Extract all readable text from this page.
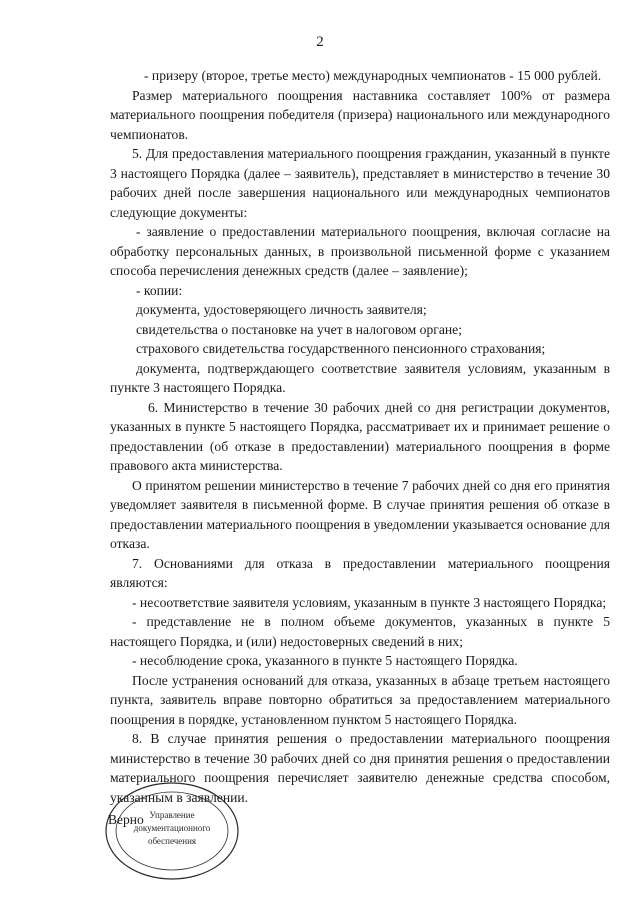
2

- призеру (второе, третье место) международных чемпионатов - 15 000 рублей.

Размер материального поощрения наставника составляет 100% от размера материального поощрения победителя (призера) национального или международного чемпионатов.

5. Для предоставления материального поощрения гражданин, указанный в пункте 3 настоящего Порядка (далее – заявитель), представляет в министерство в течение 30 рабочих дней после завершения национального или международных чемпионатов следующие документы:

- заявление о предоставлении материального поощрения, включая согласие на обработку персональных данных, в произвольной письменной форме с указанием способа перечисления денежных средств (далее – заявление);

- копии:

документа, удостоверяющего личность заявителя;

свидетельства о постановке на учет в налоговом органе;

страхового свидетельства государственного пенсионного страхования;

документа, подтверждающего соответствие заявителя условиям, указанным в пункте 3 настоящего Порядка.

6. Министерство в течение 30 рабочих дней со дня регистрации документов, указанных в пункте 5 настоящего Порядка, рассматривает их и принимает решение о предоставлении (об отказе в предоставлении) материального поощрения в форме правового акта министерства.

О принятом решении министерство в течение 7 рабочих дней со дня его принятия уведомляет заявителя в письменной форме. В случае принятия решения об отказе в предоставлении материального поощрения в уведомлении указывается основание для отказа.

7. Основаниями для отказа в предоставлении материального поощрения являются:

- несоответствие заявителя условиям, указанным в пункте 3 настоящего Порядка;

- представление не в полном объеме документов, указанных в пункте 5 настоящего Порядка, и (или) недостоверных сведений в них;

- несоблюдение срока, указанного в пункте 5 настоящего Порядка.

После устранения оснований для отказа, указанных в абзаце третьем настоящего пункта, заявитель вправе повторно обратиться за предоставлением материального поощрения в порядке, установленном пунктом 5 настоящего Порядка.

8. В случае принятия решения о предоставлении материального поощрения министерство в течение 30 рабочих дней со дня принятия решения о предоставлении материального поощрения перечисляет заявителю денежные средства способом, указанным в заявлении.

Управление
документационного
обеспечения
Верно
